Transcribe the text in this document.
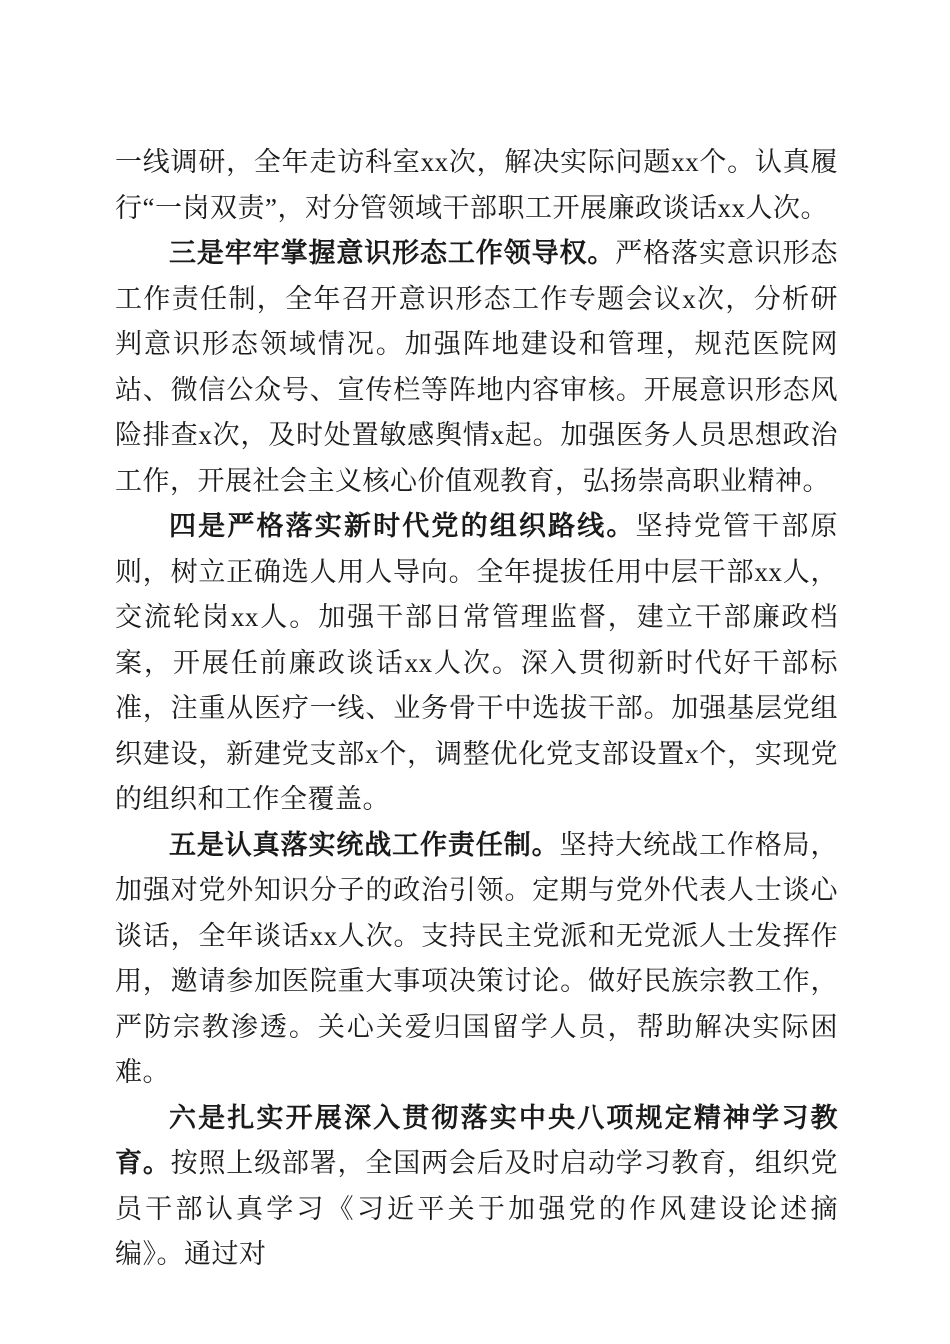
一线调研，全年走访科室xx次，解决实际问题xx个。认真履行“一岗双责”，对分管领域干部职工开展廉政谈话xx人次。

三是牢牢掌握意识形态工作领导权。严格落实意识形态工作责任制，全年召开意识形态工作专题会议x次，分析研判意识形态领域情况。加强阵地建设和管理，规范医院网站、微信公众号、宣传栏等阵地内容审核。开展意识形态风险排查x次，及时处置敏感舆情x起。加强医务人员思想政治工作，开展社会主义核心价值观教育，弘扬崇高职业精神。

四是严格落实新时代党的组织路线。坚持党管干部原则，树立正确选人用人导向。全年提拔任用中层干部xx人，交流轮岗xx人。加强干部日常管理监督，建立干部廉政档案，开展任前廉政谈话xx人次。深入贯彻新时代好干部标准，注重从医疗一线、业务骨干中选拔干部。加强基层党组织建设，新建党支部x个，调整优化党支部设置x个，实现党的组织和工作全覆盖。

五是认真落实统战工作责任制。坚持大统战工作格局，加强对党外知识分子的政治引领。定期与党外代表人士谈心谈话，全年谈话xx人次。支持民主党派和无党派人士发挥作用，邀请参加医院重大事项决策讨论。做好民族宗教工作，严防宗教渗透。关心关爱归国留学人员，帮助解决实际困难。

六是扎实开展深入贯彻落实中央八项规定精神学习教育。按照上级部署，全国两会后及时启动学习教育，组织党员干部认真学习《习近平关于加强党的作风建设论述摘编》。通过对
